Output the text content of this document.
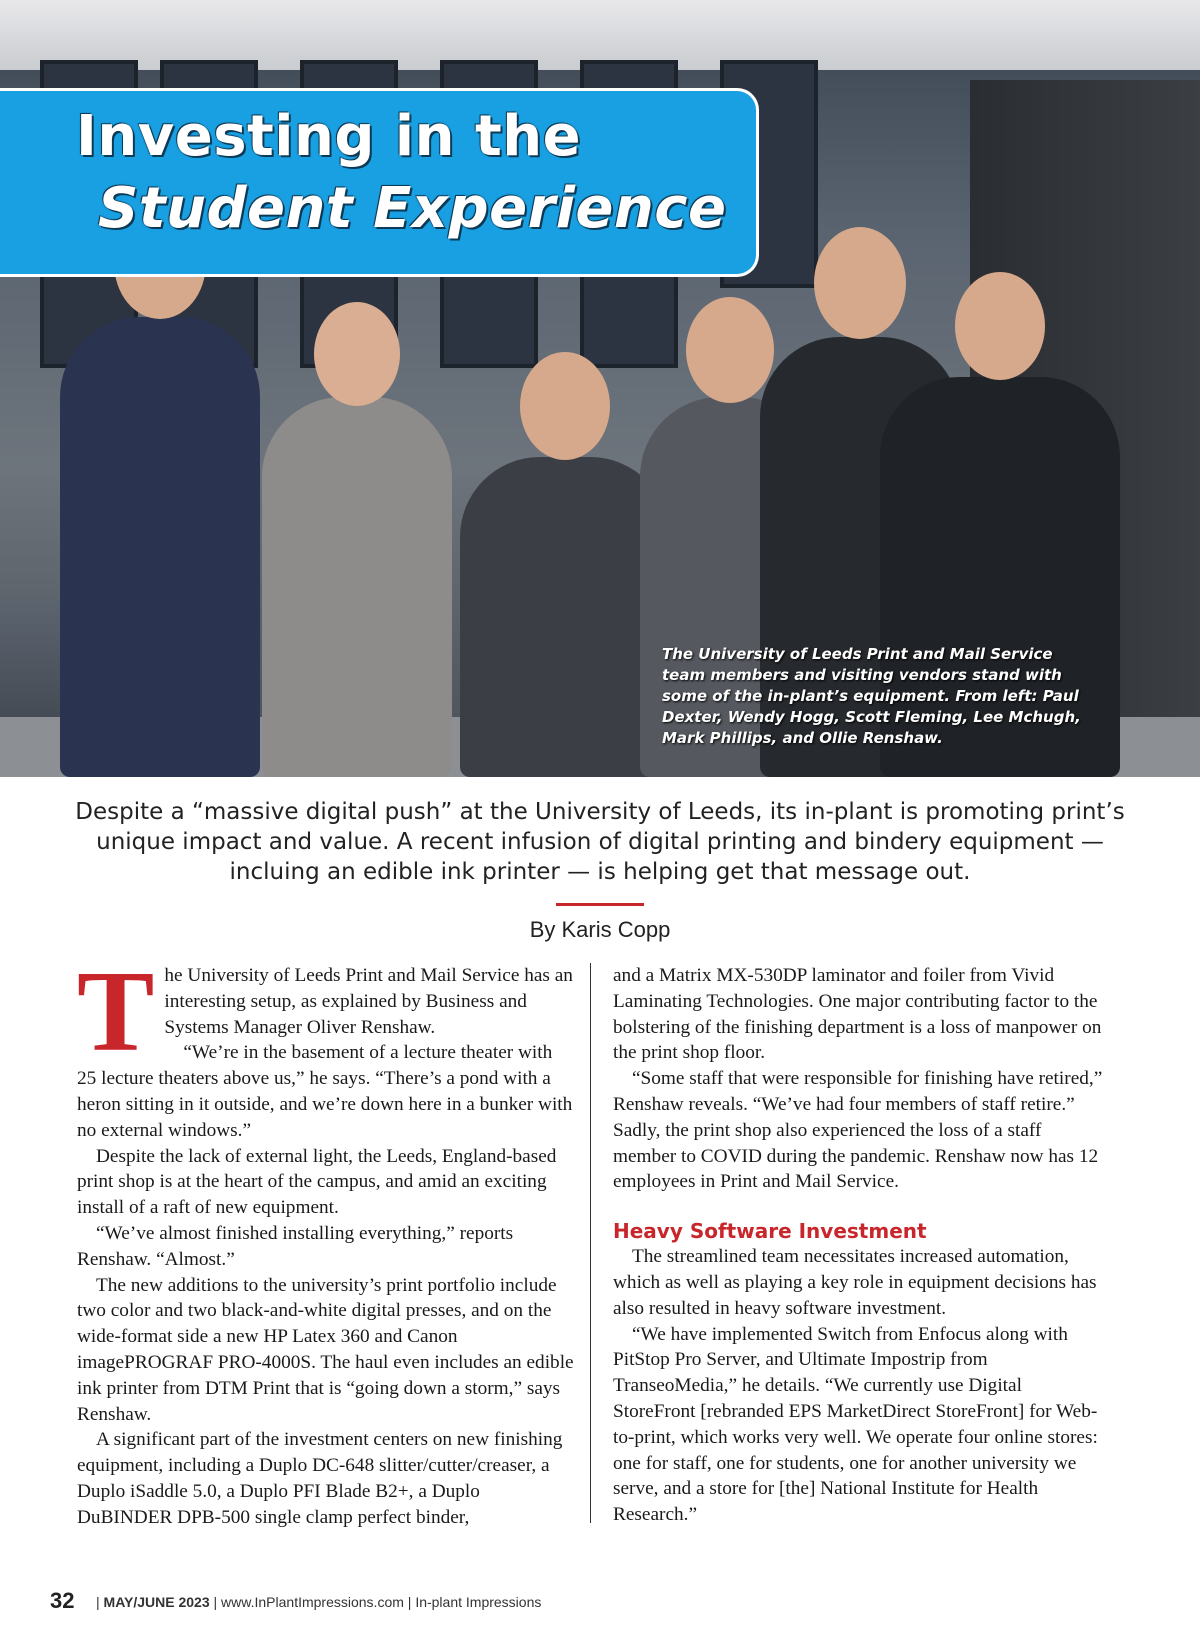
The University of Leeds Print and Mail Service team members and visiting vendors stand with some of the in-plant’s equipment. From left: Paul Dexter, Wendy Hogg, Scott Fleming, Lee Mchugh, Mark Phillips, and Ollie Renshaw.
Investing in the
Student Experience
Despite a “massive digital push” at the University of Leeds, its in-plant is promoting print’s unique impact and value. A recent infusion of digital printing and bindery equipment — incluing an edible ink printer — is helping get that message out.
By Karis Copp
T he University of Leeds Print and Mail Service has an interesting setup, as explained by Business and Systems Manager Oliver Renshaw.

“We’re in the basement of a lecture theater with 25 lecture theaters above us,” he says. “There’s a pond with a heron sitting in it outside, and we’re down here in a bunker with no external windows.”

Despite the lack of external light, the Leeds, England-based print shop is at the heart of the campus, and amid an exciting install of a raft of new equipment.

“We’ve almost finished installing everything,” reports Renshaw. “Almost.”

The new additions to the university’s print portfolio include two color and two black-and-white digital presses, and on the wide-format side a new HP Latex 360 and Canon imagePROGRAF PRO-4000S. The haul even includes an edible ink printer from DTM Print that is “going down a storm,” says Renshaw.

A significant part of the investment centers on new finishing equipment, including a Duplo DC-648 slitter/cutter/creaser, a Duplo iSaddle 5.0, a Duplo PFI Blade B2+, a Duplo DuBINDER DPB-500 single clamp perfect binder,

and a Matrix MX-530DP laminator and foiler from Vivid Laminating Technologies. One major contributing factor to the bolstering of the finishing department is a loss of manpower on the print shop floor.

“Some staff that were responsible for finishing have retired,” Renshaw reveals. “We’ve had four members of staff retire.” Sadly, the print shop also experienced the loss of a staff member to COVID during the pandemic. Renshaw now has 12 employees in Print and Mail Service.

Heavy Software Investment

The streamlined team necessitates increased automation, which as well as playing a key role in equipment decisions has also resulted in heavy software investment.

“We have implemented Switch from Enfocus along with PitStop Pro Server, and Ultimate Impostrip from TranseoMedia,” he details. “We currently use Digital StoreFront [rebranded EPS MarketDirect StoreFront] for Web-to-print, which works very well. We operate four online stores: one for staff, one for students, one for another university we serve, and a store for [the] National Institute for Health Research.”

32 | MAY/JUNE 2023 | www.InPlantImpressions.com | In-plant Impressions
